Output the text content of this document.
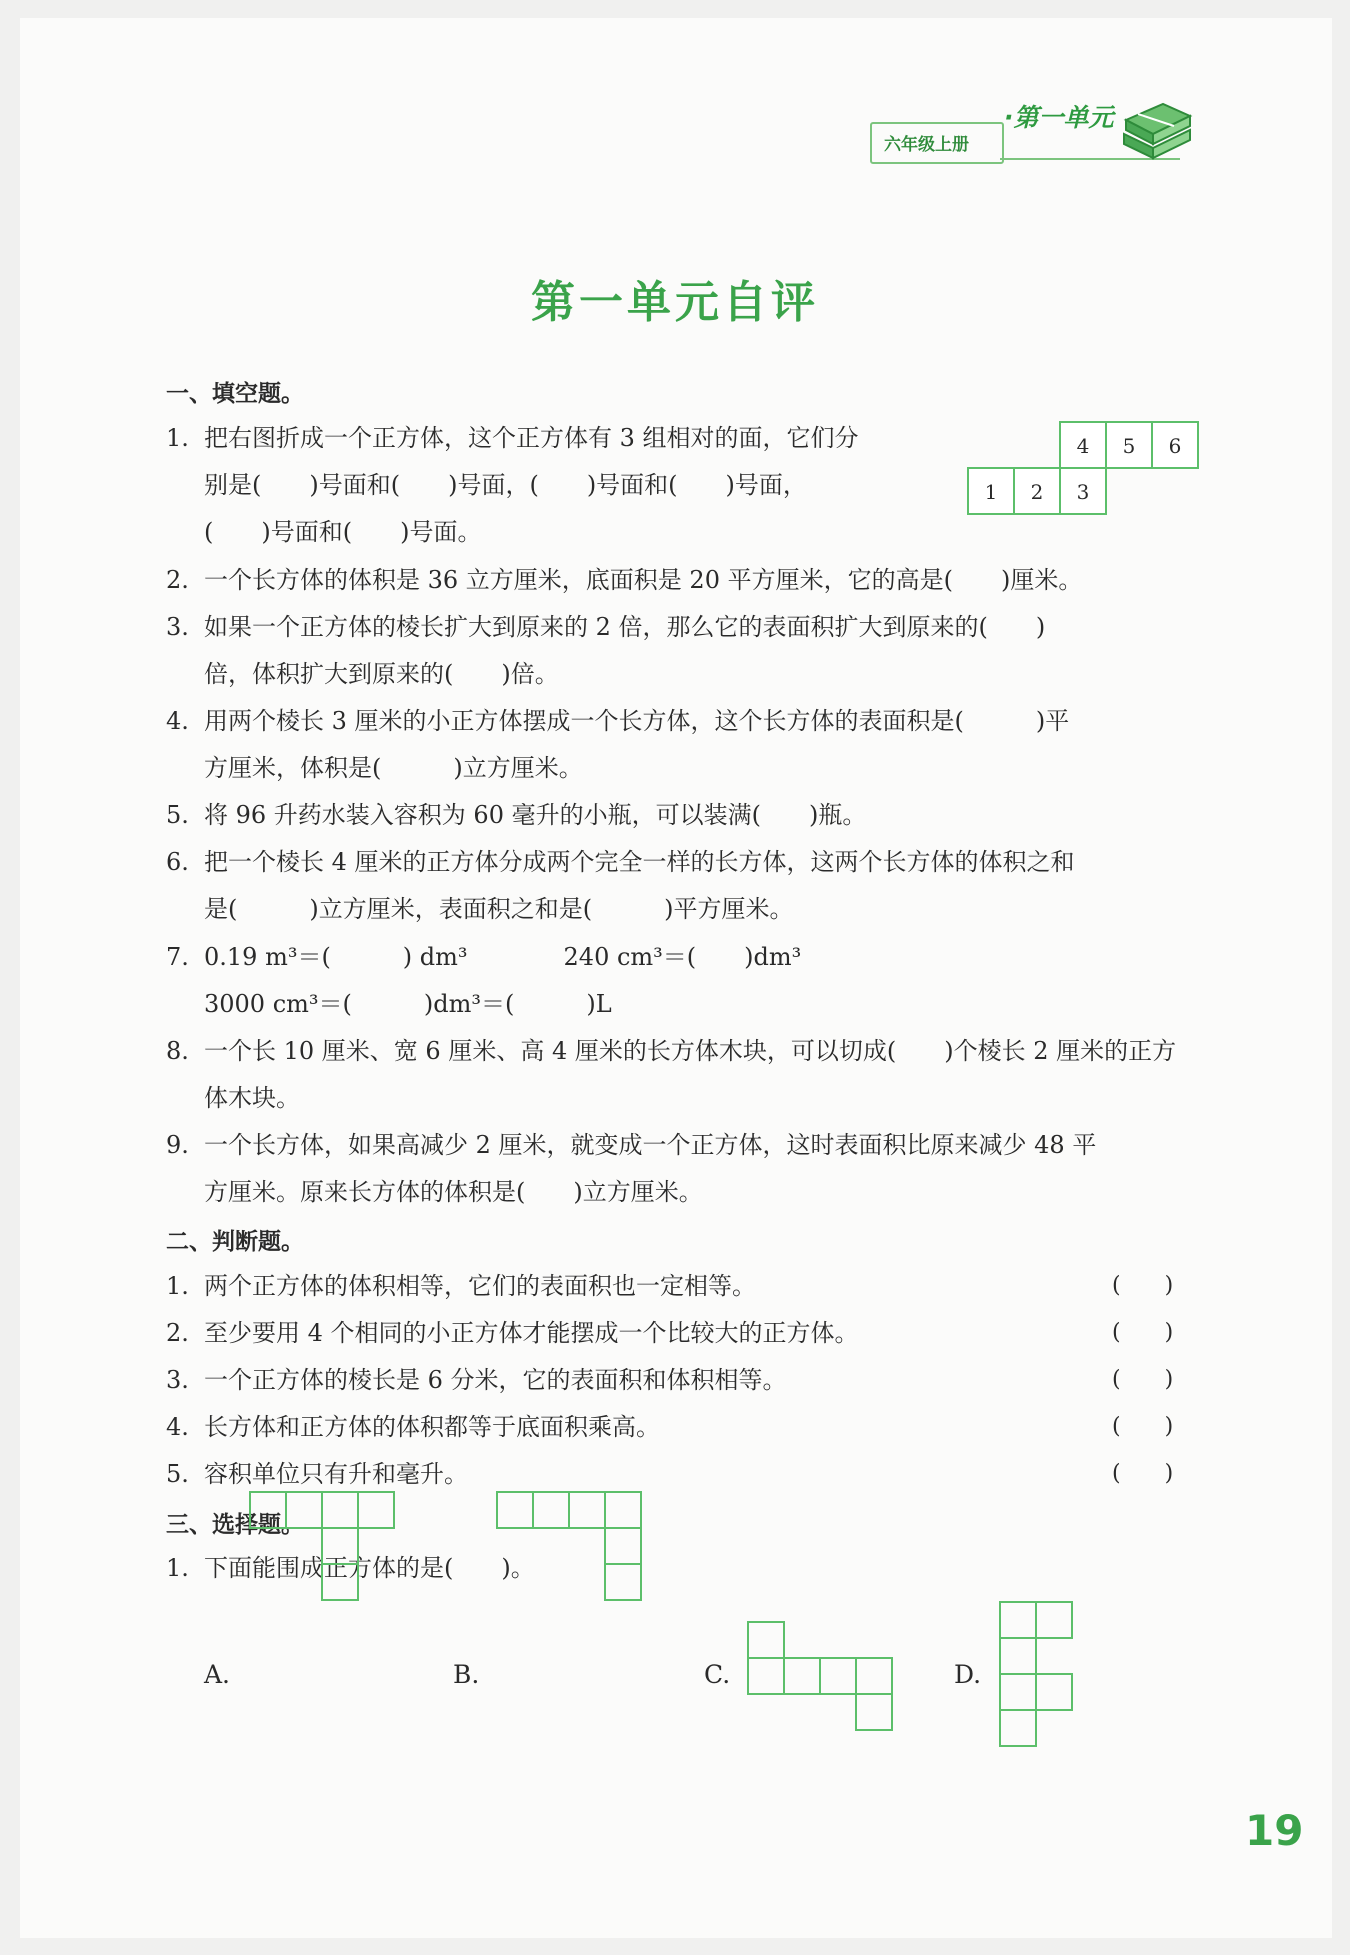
六年级上册
·第一单元
第一单元自评
一、填空题。
1. 把右图折成一个正方体，这个正方体有 3 组相对的面，它们分
别是(　　)号面和(　　)号面，(　　)号面和(　　)号面，
(　　)号面和(　　)号面。
2. 一个长方体的体积是 36 立方厘米，底面积是 20 平方厘米，它的高是(　　)厘米。
3. 如果一个正方体的棱长扩大到原来的 2 倍，那么它的表面积扩大到原来的(　　)
倍，体积扩大到原来的(　　)倍。
4. 用两个棱长 3 厘米的小正方体摆成一个长方体，这个长方体的表面积是(　　　)平
方厘米，体积是(　　　)立方厘米。
5. 将 96 升药水装入容积为 60 毫升的小瓶，可以装满(　　)瓶。
6. 把一个棱长 4 厘米的正方体分成两个完全一样的长方体，这两个长方体的体积之和
是(　　　)立方厘米，表面积之和是(　　　)平方厘米。
7. 0.19 m³＝(　　　) dm³　　　　240 cm³＝(　　)dm³
3000 cm³＝(　　　)dm³＝(　　　)L
8. 一个长 10 厘米、宽 6 厘米、高 4 厘米的长方体木块，可以切成(　　)个棱长 2 厘米的正方
体木块。
9. 一个长方体，如果高减少 2 厘米，就变成一个正方体，这时表面积比原来减少 48 平
方厘米。原来长方体的体积是(　　)立方厘米。
4 5 6
1 2 3
二、判断题。
1. 两个正方体的体积相等，它们的表面积也一定相等。	(　　)
2. 至少要用 4 个相同的小正方体才能摆成一个比较大的正方体。	(　　)
3. 一个正方体的棱长是 6 分米，它的表面积和体积相等。	(　　)
4. 长方体和正方体的体积都等于底面积乘高。	(　　)
5. 容积单位只有升和毫升。	(　　)
三、选择题。
1. 下面能围成正方体的是(　　)。
A.	B.	C.	D.
19
